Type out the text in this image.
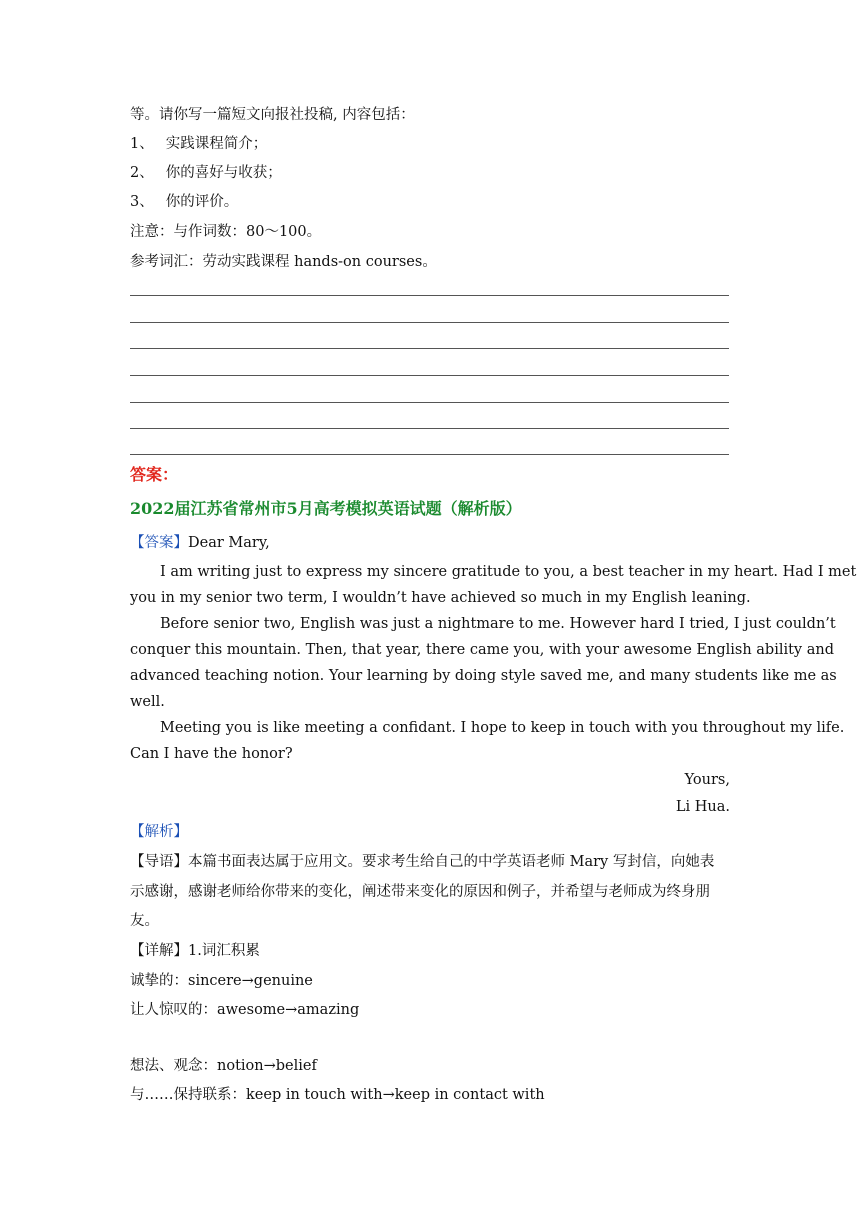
等。请你写一篇短文向报社投稿, 内容包括：
1、 实践课程简介；
2、 你的喜好与收获；
3、 你的评价。
注意：与作词数：80～100。
参考词汇：劳动实践课程 hands-on courses。
答案：
2022届江苏省常州市5月高考模拟英语试题（解析版）
【答案】Dear Mary,
I am writing just to express my sincere gratitude to you, a best teacher in my heart. Had I met
you in my senior two term, I wouldn’t have achieved so much in my English leaning.
Before senior two, English was just a nightmare to me. However hard I tried, I just couldn’t
conquer this mountain. Then, that year, there came you, with your awesome English ability and
advanced teaching notion. Your learning by doing style saved me, and many students like me as
well.
Meeting you is like meeting a confidant. I hope to keep in touch with you throughout my life.
Can I have the honor?
Yours,
Li Hua.
【解析】
【导语】本篇书面表达属于应用文。要求考生给自己的中学英语老师 Mary 写封信，向她表
示感谢，感谢老师给你带来的变化，阐述带来变化的原因和例子，并希望与老师成为终身朋
友。
【详解】1.词汇积累
诚挚的：sincere→genuine
让人惊叹的：awesome→amazing
想法、观念：notion→belief
与……保持联系：keep in touch with→keep in contact with
